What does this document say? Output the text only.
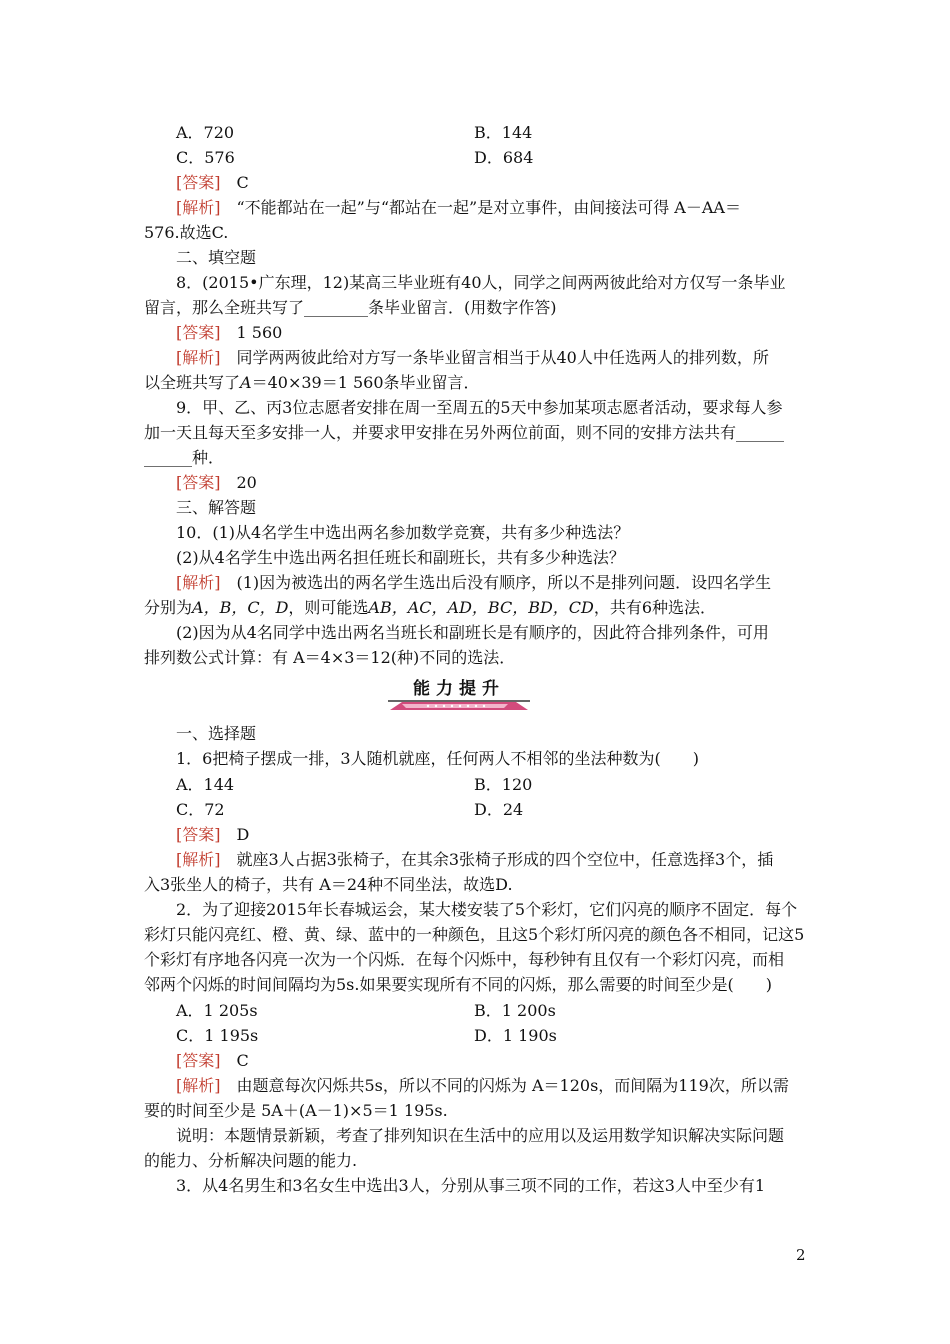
A．720	B．144
C．576	D．684
[答案]　C
[解析]　“不能都站在一起”与“都站在一起”是对立事件，由间接法可得 A－AA＝
576.故选C.
二、填空题
8．(2015•广东理，12)某高三毕业班有40人，同学之间两两彼此给对方仅写一条毕业
留言，那么全班共写了________条毕业留言．(用数字作答)
[答案]　1 560
[解析]　同学两两彼此给对方写一条毕业留言相当于从40人中任选两人的排列数，所
以全班共写了A＝40×39＝1 560条毕业留言．
9．甲、乙、丙3位志愿者安排在周一至周五的5天中参加某项志愿者活动，要求每人参
加一天且每天至多安排一人，并要求甲安排在另外两位前面，则不同的安排方法共有______
______种．
[答案]　20
三、解答题
10．(1)从4名学生中选出两名参加数学竞赛，共有多少种选法？
(2)从4名学生中选出两名担任班长和副班长，共有多少种选法？
[解析]　(1)因为被选出的两名学生选出后没有顺序，所以不是排列问题．设四名学生
分别为A，B，C，D，则可能选AB，AC，AD，BC，BD，CD，共有6种选法．
(2)因为从4名同学中选出两名当班长和副班长是有顺序的，因此符合排列条件，可用
排列数公式计算：有 A＝4×3＝12(种)不同的选法．
能力提升
一、选择题
1．6把椅子摆成一排，3人随机就座，任何两人不相邻的坐法种数为(　　)
A．144	B．120
C．72	D．24
[答案]　D
[解析]　就座3人占据3张椅子，在其余3张椅子形成的四个空位中，任意选择3个，插
入3张坐人的椅子，共有 A＝24种不同坐法，故选D.
2．为了迎接2015年长春城运会，某大楼安装了5个彩灯，它们闪亮的顺序不固定．每个
彩灯只能闪亮红、橙、黄、绿、蓝中的一种颜色，且这5个彩灯所闪亮的颜色各不相同，记这5
个彩灯有序地各闪亮一次为一个闪烁．在每个闪烁中，每秒钟有且仅有一个彩灯闪亮，而相
邻两个闪烁的时间间隔均为5s.如果要实现所有不同的闪烁，那么需要的时间至少是(　　)
A．1 205s	B．1 200s
C．1 195s	D．1 190s
[答案]　C
[解析]　由题意每次闪烁共5s，所以不同的闪烁为 A＝120s，而间隔为119次，所以需
要的时间至少是 5A＋(A－1)×5＝1 195s.
说明：本题情景新颖，考查了排列知识在生活中的应用以及运用数学知识解决实际问题
的能力、分析解决问题的能力.
3．从4名男生和3名女生中选出3人，分别从事三项不同的工作，若这3人中至少有1
2
